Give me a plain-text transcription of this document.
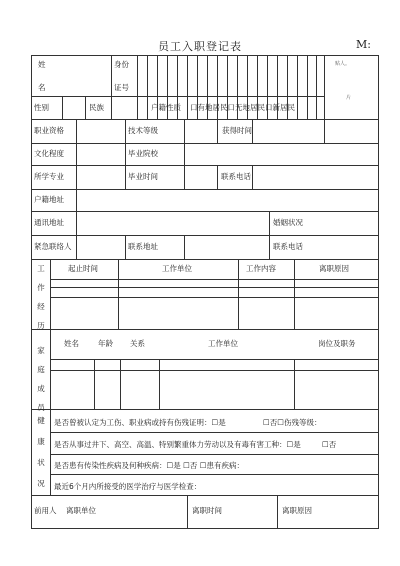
员工入职登记表	M:
姓
名
身份
证号
贴人。
片
性别	民族	户籍性质 口有地居民口无地居民口新居民
职业资格	技术等级	获得时间
文化程度	毕业院校
所学专业	毕业时间	联系电话
户籍地址
通讯地址	婚姻状况
紧急联络人	联系地址	联系电话
工
作
经
历
起止时间	工作单位	工作内容	离职原因
家
庭
成
员
姓名	年龄 关系	工作单位	岗位及职务
健
康
状
况
是否曾被认定为工伤、职业病或持有伤残证明：☐是	☐否☐伤残等级：
是否从事过井下、高空、高温、特别繁重体力劳动以及有毒有害工种：☐是	☐否
是否患有传染性疾病及何种疾病：☐是 ☐否 ☐患有疾病：
最近6个月内所接受的医学治疗与医学检查：
前用人 离职单位	离职时间	离职原因
